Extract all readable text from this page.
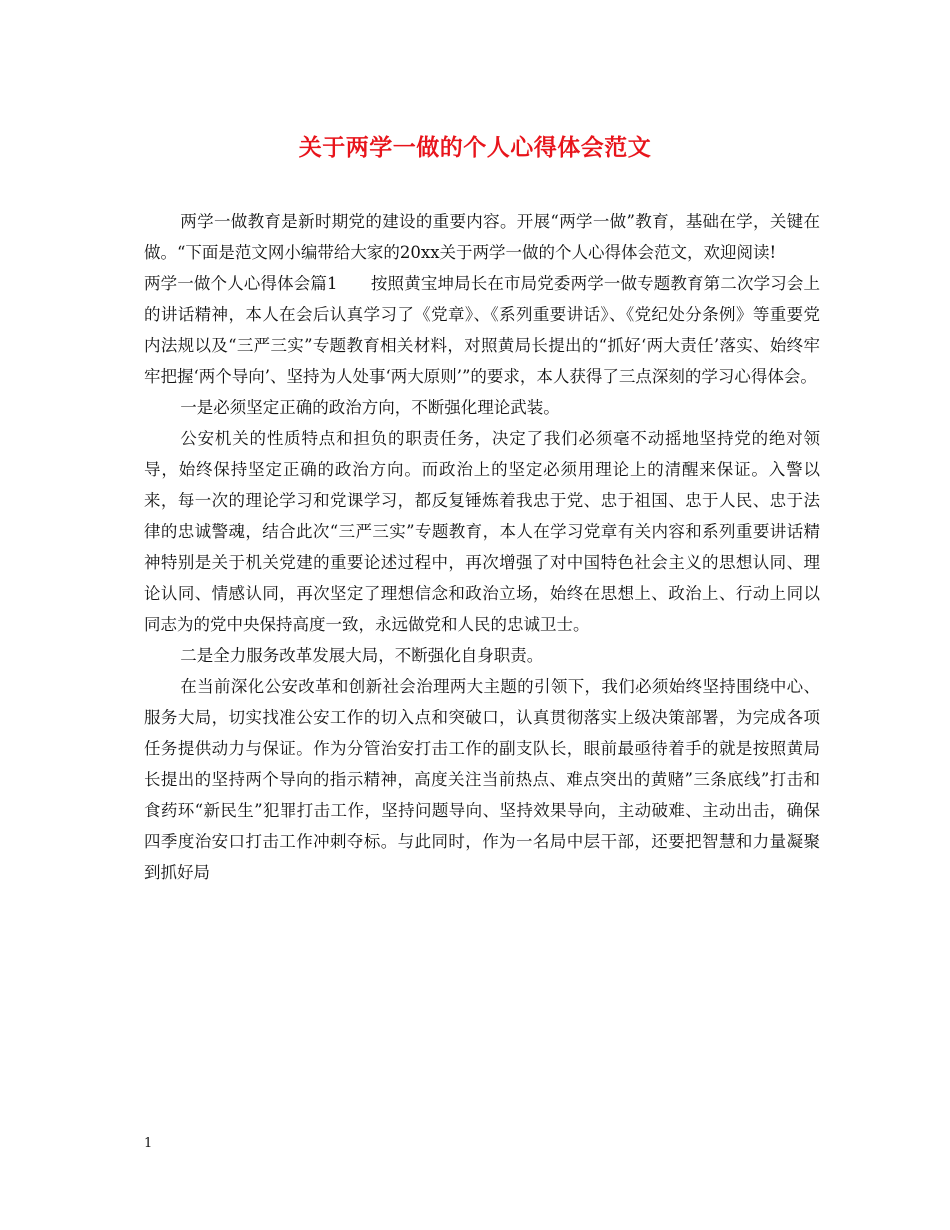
关于两学一做的个人心得体会范文

两学一做教育是新时期党的建设的重要内容。开展“两学一做”教育，基础在学，关键在做。“下面是范文网小编带给大家的20xx关于两学一做的个人心得体会范文，欢迎阅读!

两学一做个人心得体会篇1　　按照黄宝坤局长在市局党委两学一做专题教育第二次学习会上的讲话精神，本人在会后认真学习了《党章》、《系列重要讲话》、《党纪处分条例》等重要党内法规以及“三严三实”专题教育相关材料，对照黄局长提出的“抓好‘两大责任’落实、始终牢牢把握‘两个导向’、坚持为人处事‘两大原则’”的要求，本人获得了三点深刻的学习心得体会。

一是必须坚定正确的政治方向，不断强化理论武装。

公安机关的性质特点和担负的职责任务，决定了我们必须毫不动摇地坚持党的绝对领导，始终保持坚定正确的政治方向。而政治上的坚定必须用理论上的清醒来保证。入警以来，每一次的理论学习和党课学习，都反复锤炼着我忠于党、忠于祖国、忠于人民、忠于法律的忠诚警魂，结合此次“三严三实”专题教育，本人在学习党章有关内容和系列重要讲话精神特别是关于机关党建的重要论述过程中，再次增强了对中国特色社会主义的思想认同、理论认同、情感认同，再次坚定了理想信念和政治立场，始终在思想上、政治上、行动上同以同志为的党中央保持高度一致，永远做党和人民的忠诚卫士。

二是全力服务改革发展大局，不断强化自身职责。

在当前深化公安改革和创新社会治理两大主题的引领下，我们必须始终坚持围绕中心、服务大局，切实找准公安工作的切入点和突破口，认真贯彻落实上级决策部署，为完成各项任务提供动力与保证。作为分管治安打击工作的副支队长，眼前最亟待着手的就是按照黄局长提出的坚持两个导向的指示精神，高度关注当前热点、难点突出的黄赌”三条底线”打击和食药环“新民生”犯罪打击工作，坚持问题导向、坚持效果导向，主动破难、主动出击，确保四季度治安口打击工作冲刺夺标。与此同时，作为一名局中层干部，还要把智慧和力量凝聚到抓好局

1
